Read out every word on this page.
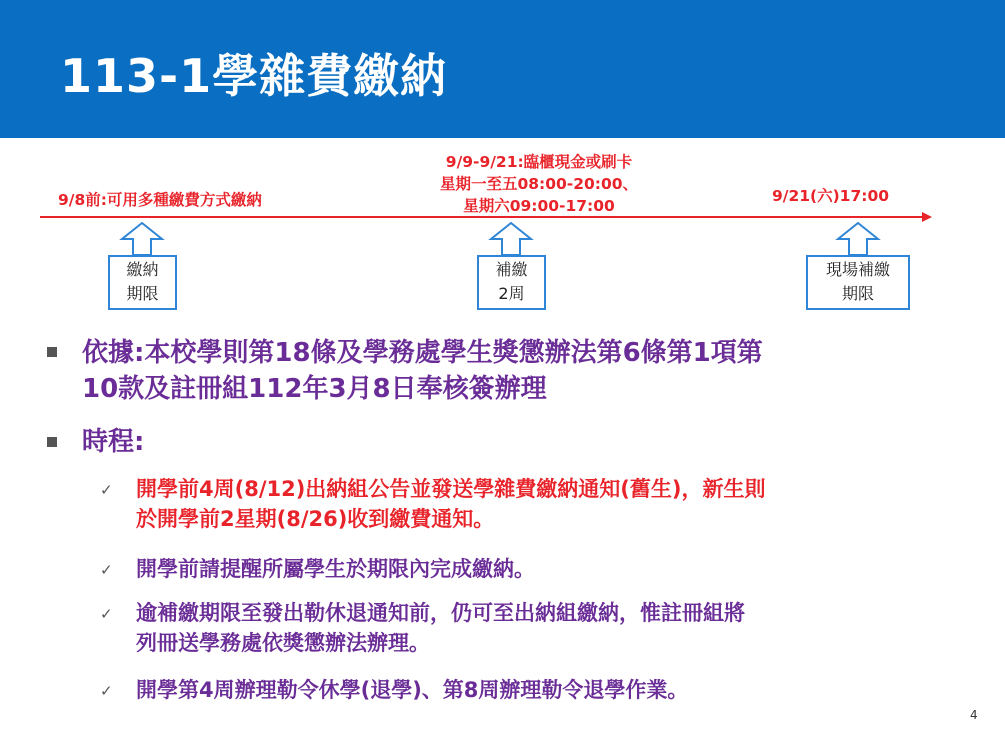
113-1學雜費繳納
9/8前:可用多種繳費方式繳納
9/9-9/21:臨櫃現金或刷卡
星期一至五08:00-20:00、
星期六09:00-17:00
9/21(六)17:00
繳納
期限
補繳
2周
現場補繳
期限
依據:本校學則第18條及學務處學生獎懲辦法第6條第1項第
10款及註冊組112年3月8日奉核簽辦理
時程:
✓ 開學前4周(8/12)出納組公告並發送學雜費繳納通知(舊生)，新生則
於開學前2星期(8/26)收到繳費通知。
✓ 開學前請提醒所屬學生於期限內完成繳納。
✓ 逾補繳期限至發出勒休退通知前，仍可至出納組繳納，惟註冊組將
列冊送學務處依獎懲辦法辦理。
✓ 開學第4周辦理勒令休學(退學)、第8周辦理勒令退學作業。
4
